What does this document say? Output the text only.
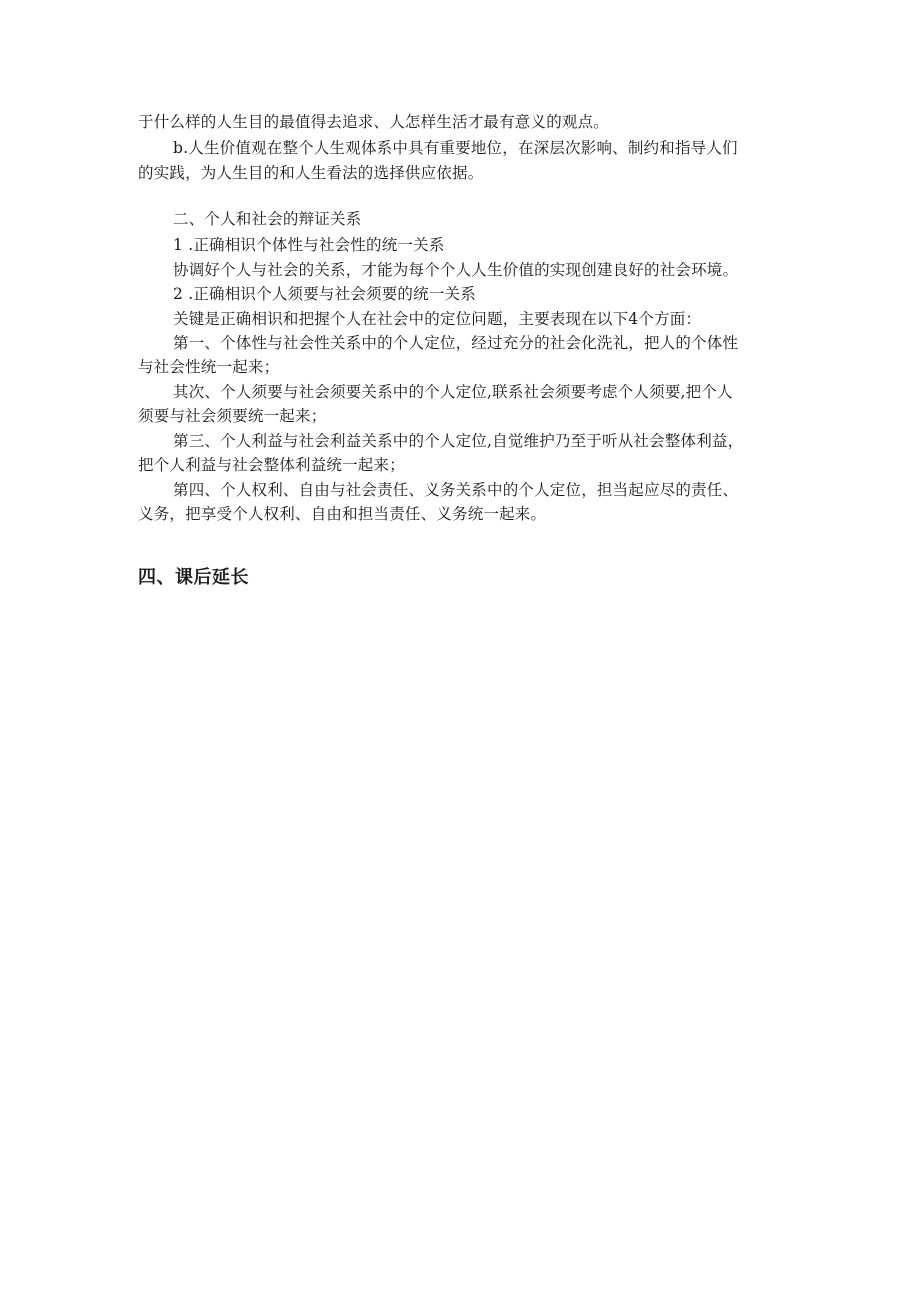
于什么样的人生目的最值得去追求、人怎样生活才最有意义的观点。
b.人生价值观在整个人生观体系中具有重要地位，在深层次影响、制约和指导人们
的实践，为人生目的和人生看法的选择供应依据。
二、个人和社会的辩证关系
1 .正确相识个体性与社会性的统一关系
协调好个人与社会的关系，才能为每个个人人生价值的实现创建良好的社会环境。
2 .正确相识个人须要与社会须要的统一关系
关键是正确相识和把握个人在社会中的定位问题，主要表现在以下4个方面：
第一、个体性与社会性关系中的个人定位，经过充分的社会化洗礼，把人的个体性
与社会性统一起来；
其次、个人须要与社会须要关系中的个人定位,联系社会须要考虑个人须要,把个人
须要与社会须要统一起来；
第三、个人利益与社会利益关系中的个人定位,自觉维护乃至于听从社会整体利益，
把个人利益与社会整体利益统一起来；
第四、个人权利、自由与社会责任、义务关系中的个人定位，担当起应尽的责任、
义务，把享受个人权利、自由和担当责任、义务统一起来。
四、课后延长
